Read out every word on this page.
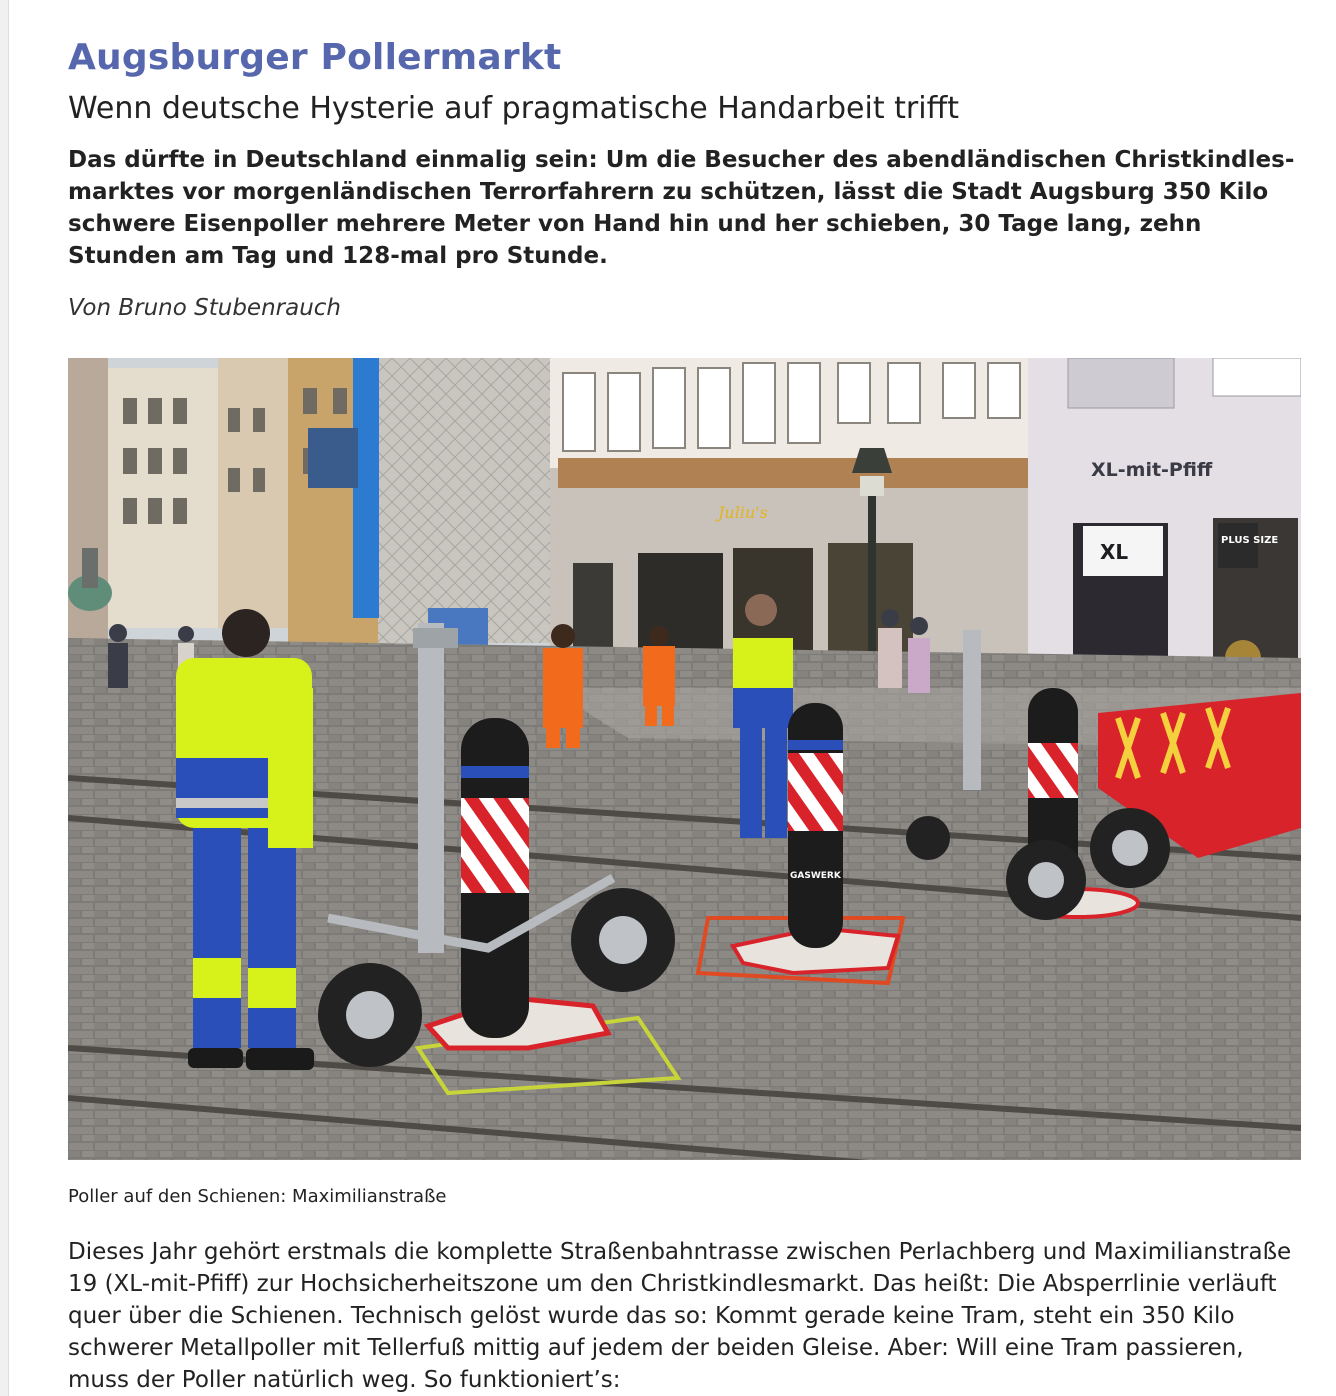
Augsburger Pollermarkt
Wenn deutsche Hysterie auf pragmatische Handarbeit trifft

Das dürfte in Deutschland einmalig sein: Um die Besucher des abendländischen Christkindlesmarktes vor morgenländischen Terrorfahrern zu schützen, lässt die Stadt Augsburg 350 Kilo schwere Eisenpoller mehrere Meter von Hand hin und her schieben, 30 Tage lang, zehn Stunden am Tag und 128-mal pro Stunde.

Von Bruno Stubenrauch

Juliu's
XL-mit-Pfiff
XL	PLUS SIZE
GASWERK
Poller auf den Schienen: Maximilianstraße

Dieses Jahr gehört erstmals die komplette Straßenbahntrasse zwischen Perlachberg und Maximilianstraße 19 (XL-mit-Pfiff) zur Hochsicherheitszone um den Christkindlesmarkt. Das heißt: Die Absperrlinie verläuft quer über die Schienen. Technisch gelöst wurde das so: Kommt gerade keine Tram, steht ein 350 Kilo schwerer Metallpoller mit Tellerfuß mittig auf jedem der beiden Gleise. Aber: Will eine Tram passieren, muss der Poller natürlich weg. So funktioniert’s:
